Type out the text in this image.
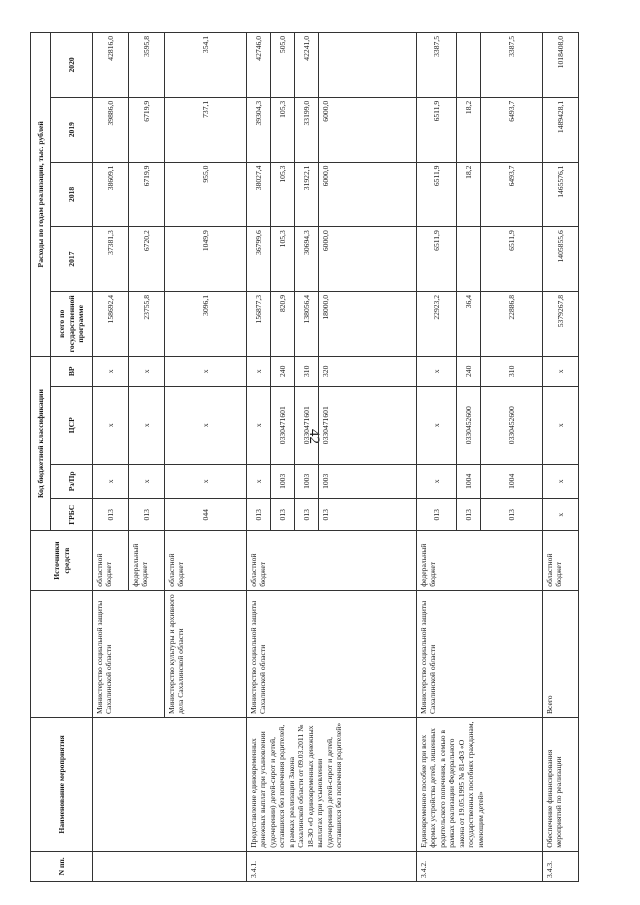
42
N пп.	Наименование мероприятия		Источники средств	Код бюджетной классификации				Расходы по годам реализации, тыс. рублей				
				ГРБС	Рз/Пр	ЦСР	ВР	всего по государственной программе	2017	2018	2019	2020
		Министерство социальной защиты Сахалинской области	областной бюджет	013	х	х	х	158692,4	37381,3	38609,1	39886,0	42816,0
			федеральный бюджет	013	х	х	х	23755,8	6720,2	6719,9	6719,9	3595,8
		Министерство культуры и архивного дела Сахалинской области	областной бюджет	044	х	х	х	3096,1	1049,9	955,0	737,1	354,1
3.4.1.	Предоставление единовременных денежных выплат при усыновлении (удочерении) детей-сирот и детей, оставшихся без попечения родителей, в рамках реализации Закона Сахалинской области от 09.03.2011 № 18-ЗО «О единовременных денежных выплатах при усыновлении (удочерении) детей-сирот и детей, оставшихся без попечения родителей»	Министерство социальной защиты Сахалинской области	областной бюджет	013	х	х	х	156877,3	36799,6	38027,4	39304,3	42746,0
				013	1003	0330471601	240	820,9	105,3	105,3	105,3	505,0
				013	1003	0330471601	310	138056,4	30694,3	31922,1	33199,0	42241,0
				013	1003	0330471601	320	18000,0	6000,0	6000,0	6000,0	
3.4.2.	Единовременное пособие при всех формах устройства детей, лишенных родительского попечения, в семью в рамках реализации Федерального закона от 19.05.1995 № 81-ФЗ «О государственных пособиях гражданам, имеющим детей»	Министерство социальной защиты Сахалинской области	федеральный бюджет	013	х	х	х	22923,2	6511,9	6511,9	6511,9	3387,5
				013	1004	0330452600	240	36,4		18,2	18,2	
				013	1004	0330452600	310	22886,8	6511,9	6493,7	6493,7	3387,5
3.4.3.	Обеспечение финансирования мероприятий по реализации	Всего	областной бюджет	х	х	х	х	5379267,8	1405855,6	1465576,1	1489428,1	1018408,0
